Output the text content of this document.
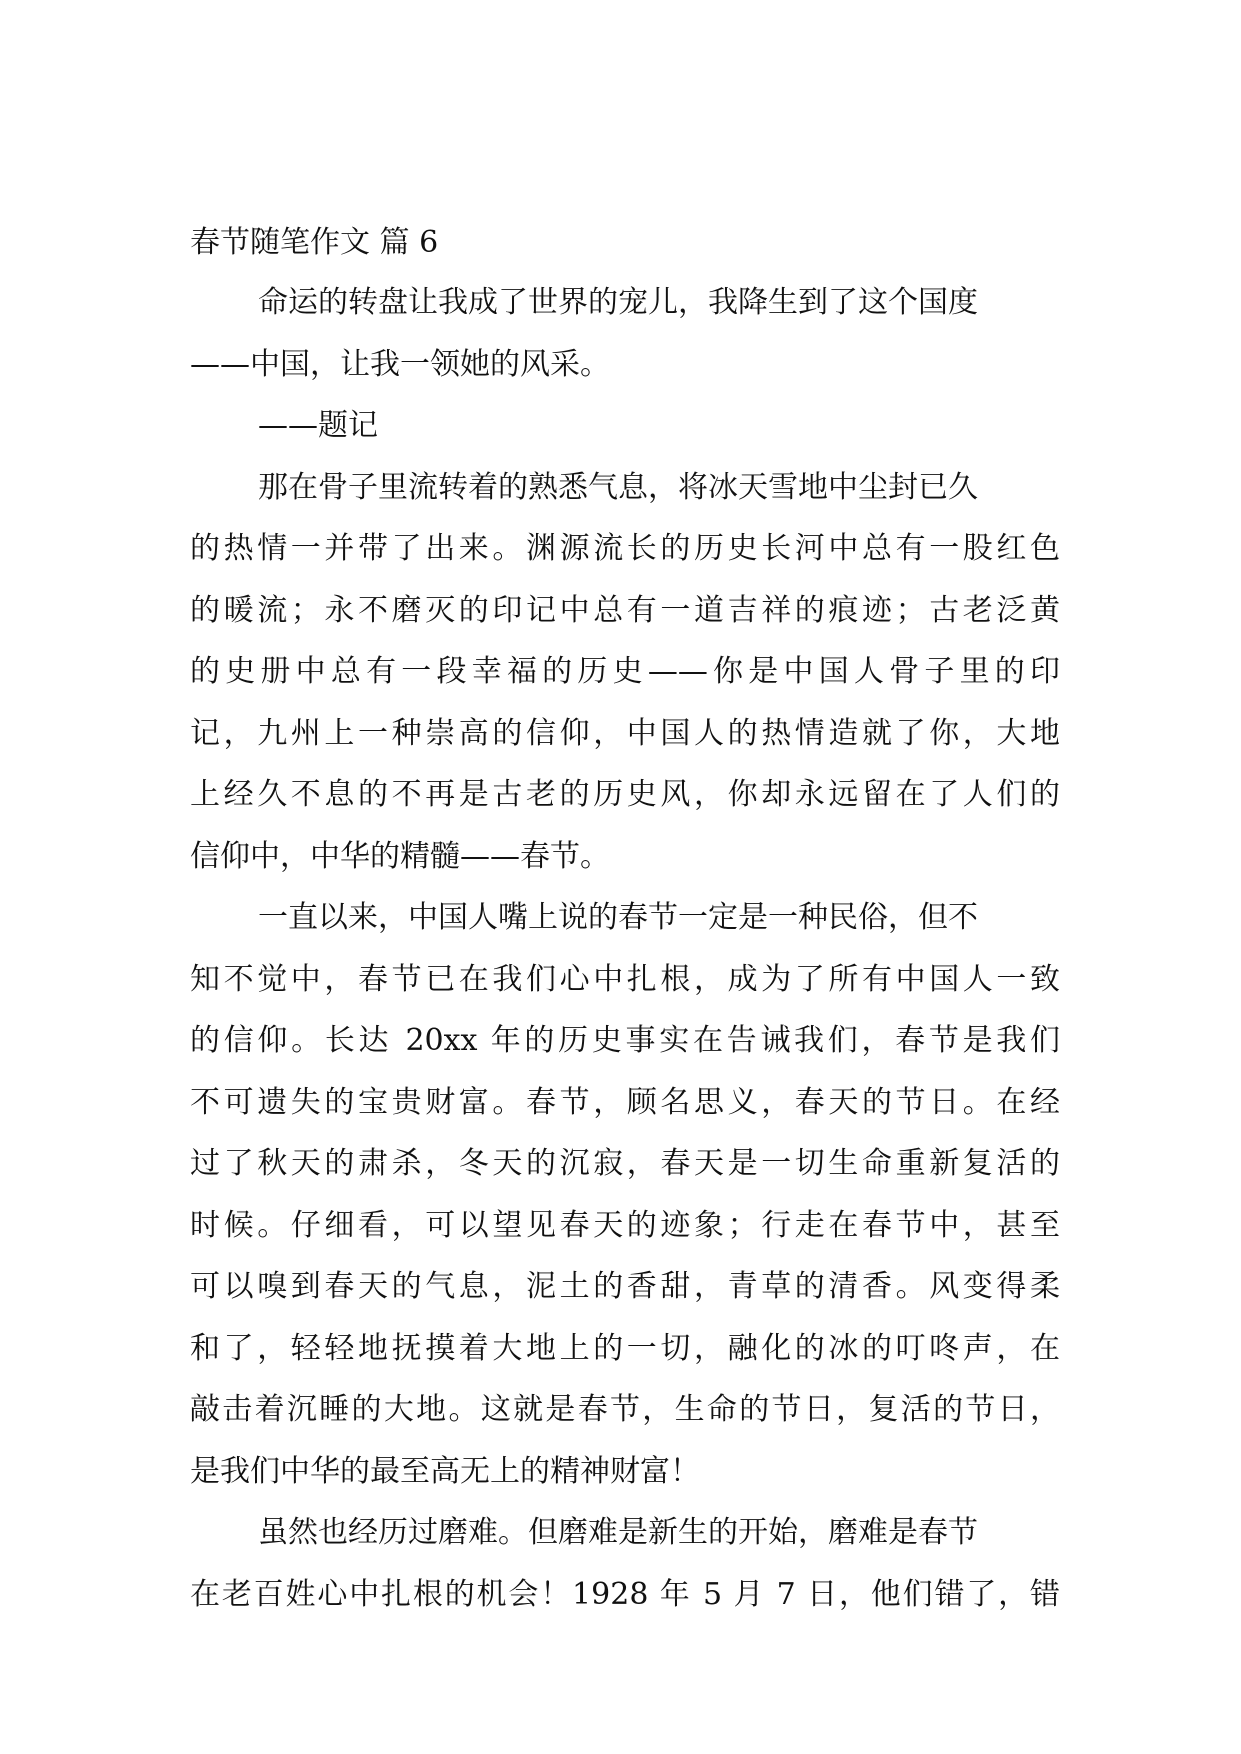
春节随笔作文 篇 6
命运的转盘让我成了世界的宠儿，我降生到了这个国度
——中国，让我一领她的风采。
——题记
那在骨子里流转着的熟悉气息，将冰天雪地中尘封已久
的热情一并带了出来。渊源流长的历史长河中总有一股红色
的暖流；永不磨灭的印记中总有一道吉祥的痕迹；古老泛黄
的史册中总有一段幸福的历史——你是中国人骨子里的印
记，九州上一种崇高的信仰，中国人的热情造就了你，大地
上经久不息的不再是古老的历史风，你却永远留在了人们的
信仰中，中华的精髓——春节。
一直以来，中国人嘴上说的春节一定是一种民俗，但不
知不觉中，春节已在我们心中扎根，成为了所有中国人一致
的信仰。长达 20xx 年的历史事实在告诫我们，春节是我们
不可遗失的宝贵财富。春节，顾名思义，春天的节日。在经
过了秋天的肃杀，冬天的沉寂，春天是一切生命重新复活的
时候。仔细看，可以望见春天的迹象；行走在春节中，甚至
可以嗅到春天的气息，泥土的香甜，青草的清香。风变得柔
和了，轻轻地抚摸着大地上的一切，融化的冰的叮咚声，在
敲击着沉睡的大地。这就是春节，生命的节日，复活的节日，
是我们中华的最至高无上的精神财富！
虽然也经历过磨难。但磨难是新生的开始，磨难是春节
在老百姓心中扎根的机会！1928 年 5 月 7 日，他们错了，错
